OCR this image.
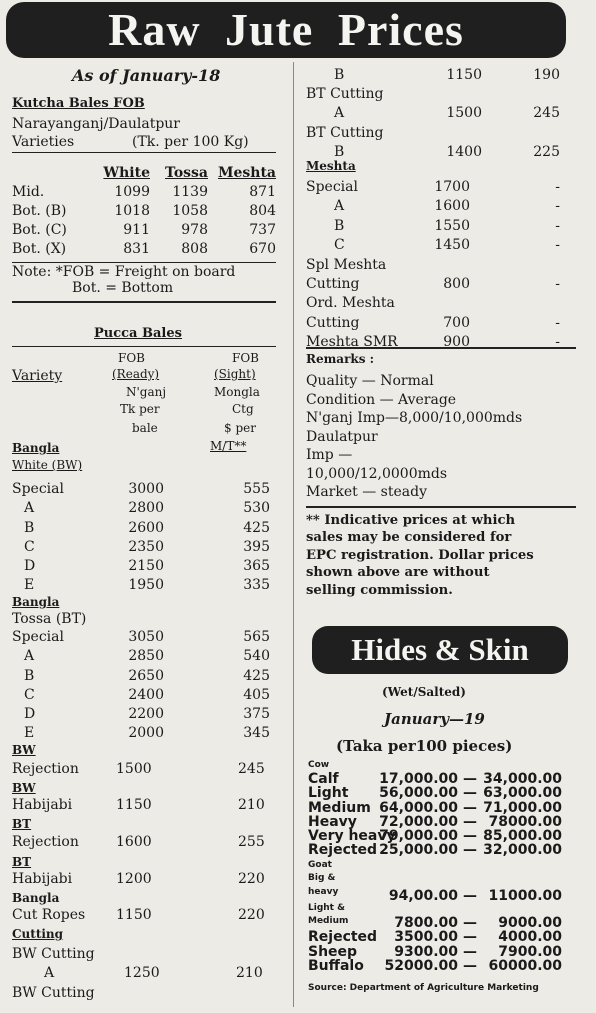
Raw Jute Prices
As of January-18
Kutcha Bales FOB
Narayanganj/Daulatpur
Varieties	(Tk. per 100 Kg)
White	Tossa Meshta
Mid.	1099	1139	871
Bot. (B)	1018	1058	804
Bot. (C)	911	978	737
Bot. (X)	831	808	670
Note: *FOB = Freight on board
Bot. = Bottom
Pucca Bales
FOB
(Ready)
N'ganj
Tk per
bale
FOB
(Sight)
Mongla
Ctg
$ per
M/T**
Variety
Bangla
White (BW)
Special	3000	555
A	2800	530
B	2600	425
C	2350	395
D	2150	365
E	1950	335
Bangla
Tossa (BT)
Special	3050	565
A	2850	540
B	2650	425
C	2400	405
D	2200	375
E	2000	345
BW
Rejection	1500	245
BW
Habijabi	1150	210
BT
Rejection	1600	255
BT
Habijabi	1200	220
Bangla
Cut Ropes 1150	220
Cutting
BW Cutting
A	1250	210
BW Cutting
B	1150	190
BT Cutting
A	1500	245
BT Cutting
B	1400	225
Meshta
Special	1700	-
A	1600	-
B	1550	-
C	1450	-
Spl Meshta
Cutting	800	-
Ord. Meshta
Cutting	700	-
Meshta SMR	900	-
Remarks :
Quality — Normal
Condition — Average
N'ganj Imp—8,000/10,000mds
Daulatpur
Imp —
10,000/12,0000mds
Market — steady
** Indicative prices at which
sales may be considered for
EPC registration. Dollar prices
shown above are without
selling commission.
Hides & Skin
(Wet/Salted)
January—19
(Taka per100 pieces)
Cow
Calf	17,000.00 — 34,000.00
Light	56,000.00 — 63,000.00
Medium 64,000.00 — 71,000.00
Heavy	72,000.00 — 78000.00
Very heavy
79,000.00 — 85,000.00
Rejected 25,000.00 — 32,000.00
Goat
Big &
heavy	94,00.00 — 11000.00
Light &
Medium	7800.00 —	9000.00
Rejected	3500.00 —	4000.00
Sheep	9300.00 —	7900.00
Buffalo	52000.00 — 60000.00
Source: Department of Agriculture Marketing
